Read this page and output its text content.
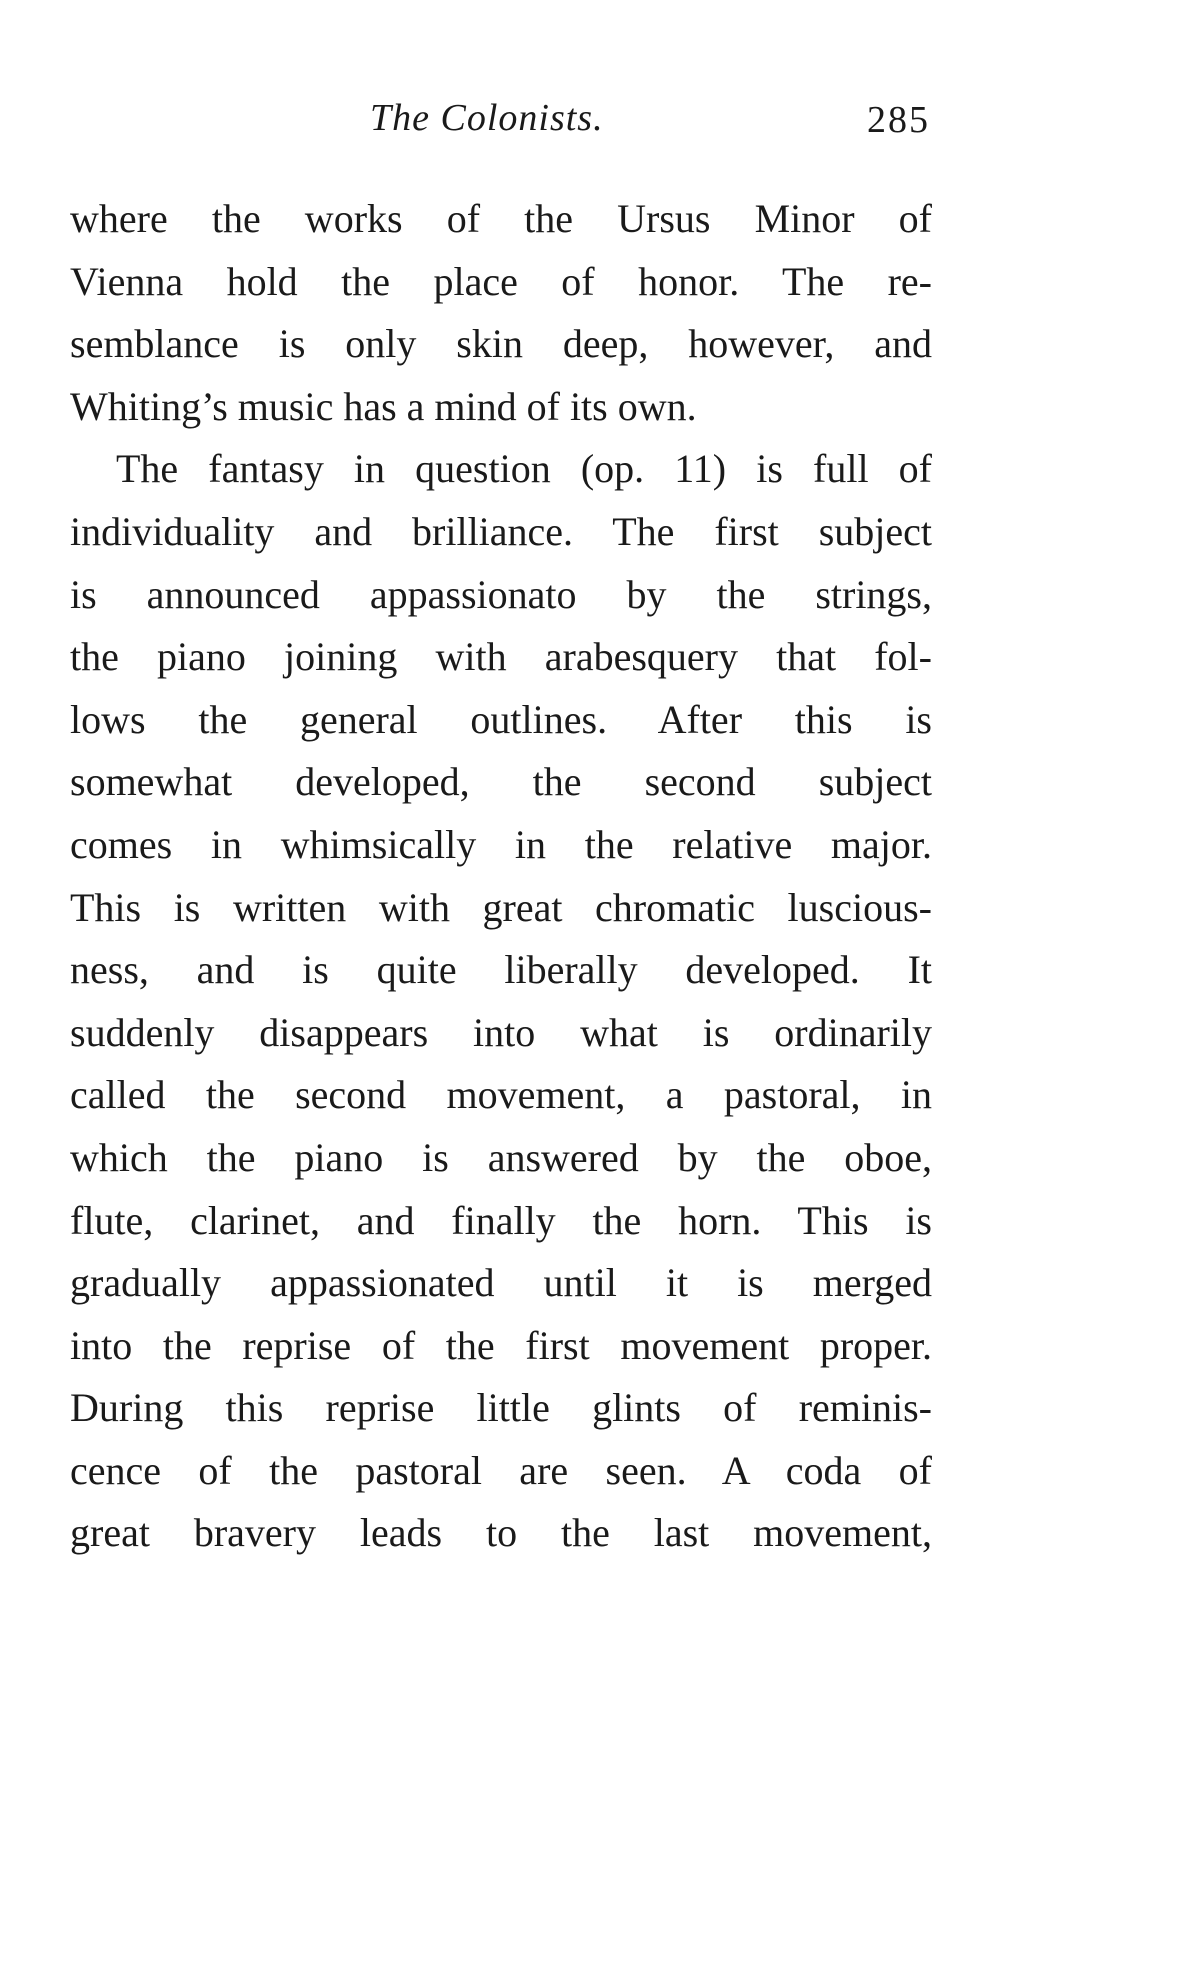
The Colonists.	285
where the works of the Ursus Minor of
Vienna hold the place of honor. The re-
semblance is only skin deep, however, and
Whiting’s music has a mind of its own.
The fantasy in question (op. 11) is full of
individuality and brilliance. The first subject
is announced appassionato by the strings,
the piano joining with arabesquery that fol-
lows the general outlines. After this is
somewhat developed, the second subject
comes in whimsically in the relative major.
This is written with great chromatic luscious-
ness, and is quite liberally developed. It
suddenly disappears into what is ordinarily
called the second movement, a pastoral, in
which the piano is answered by the oboe,
flute, clarinet, and finally the horn. This is
gradually appassionated until it is merged
into the reprise of the first movement proper.
During this reprise little glints of reminis-
cence of the pastoral are seen. A coda of
great bravery leads to the last movement,
